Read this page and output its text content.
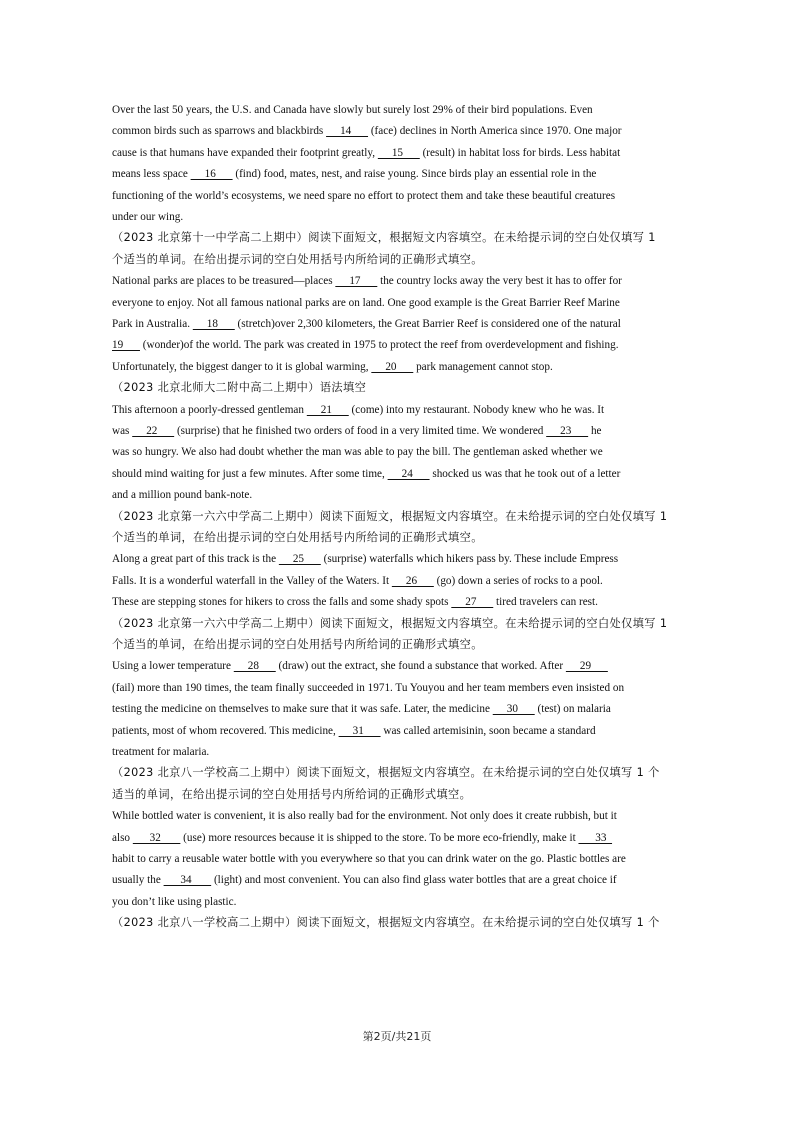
Over the last 50 years, the U.S. and Canada have slowly but surely lost 29% of their bird populations. Even
common birds such as sparrows and blackbirds      14       (face) declines in North America since 1970. One major
cause is that humans have expanded their footprint greatly,      15       (result) in habitat loss for birds. Less habitat
means less space      16       (find) food, mates, nest, and raise young. Since birds play an essential role in the
functioning of the world’s ecosystems, we need spare no effort to protect them and take these beautiful creatures
under our wing.
（2023 北京第十一中学高二上期中）阅读下面短文，根据短文内容填空。在未给提示词的空白处仅填写 1
个适当的单词。在给出提示词的空白处用括号内所给词的正确形式填空。
National parks are places to be treasured—places      17       the country locks away the very best it has to offer for
everyone to enjoy. Not all famous national parks are on land. One good example is the Great Barrier Reef Marine
Park in Australia.      18       (stretch)over 2,300 kilometers, the Great Barrier Reef is considered one of the natural
19       (wonder)of the world. The park was created in 1975 to protect the reef from overdevelopment and fishing.
Unfortunately, the biggest danger to it is global warming,      20       park management cannot stop.
（2023 北京北师大二附中高二上期中）语法填空
This afternoon a poorly-dressed gentleman      21       (come) into my restaurant. Nobody knew who he was. It
was      22       (surprise) that he finished two orders of food in a very limited time. We wondered      23       he
was so hungry. We also had doubt whether the man was able to pay the bill. The gentleman asked whether we
should mind waiting for just a few minutes. After some time,      24       shocked us was that he took out of a letter
and a million pound bank-note.
（2023 北京第一六六中学高二上期中）阅读下面短文，根据短文内容填空。在未给提示词的空白处仅填写 1
个适当的单词，在给出提示词的空白处用括号内所给词的正确形式填空。
Along a great part of this track is the      25       (surprise) waterfalls which hikers pass by. These include Empress
Falls. It is a wonderful waterfall in the Valley of the Waters. It      26       (go) down a series of rocks to a pool.
These are stepping stones for hikers to cross the falls and some shady spots      27       tired travelers can rest.
（2023 北京第一六六中学高二上期中）阅读下面短文，根据短文内容填空。在未给提示词的空白处仅填写 1
个适当的单词，在给出提示词的空白处用括号内所给词的正确形式填空。
Using a lower temperature      28       (draw) out the extract, she found a substance that worked. After      29
(fail) more than 190 times, the team finally succeeded in 1971. Tu Youyou and her team members even insisted on
testing the medicine on themselves to make sure that it was safe. Later, the medicine      30       (test) on malaria
patients, most of whom recovered. This medicine,      31       was called artemisinin, soon became a standard
treatment for malaria.
（2023 北京八一学校高二上期中）阅读下面短文，根据短文内容填空。在未给提示词的空白处仅填写 1 个
适当的单词，在给出提示词的空白处用括号内所给词的正确形式填空。
While bottled water is convenient, it is also really bad for the environment. Not only does it create rubbish, but it
also       32        (use) more resources because it is shipped to the store. To be more eco-friendly, make it       33
habit to carry a reusable water bottle with you everywhere so that you can drink water on the go. Plastic bottles are
usually the       34        (light) and most convenient. You can also find glass water bottles that are a great choice if
you don’t like using plastic.
（2023 北京八一学校高二上期中）阅读下面短文，根据短文内容填空。在未给提示词的空白处仅填写 1 个
第2页/共21页
